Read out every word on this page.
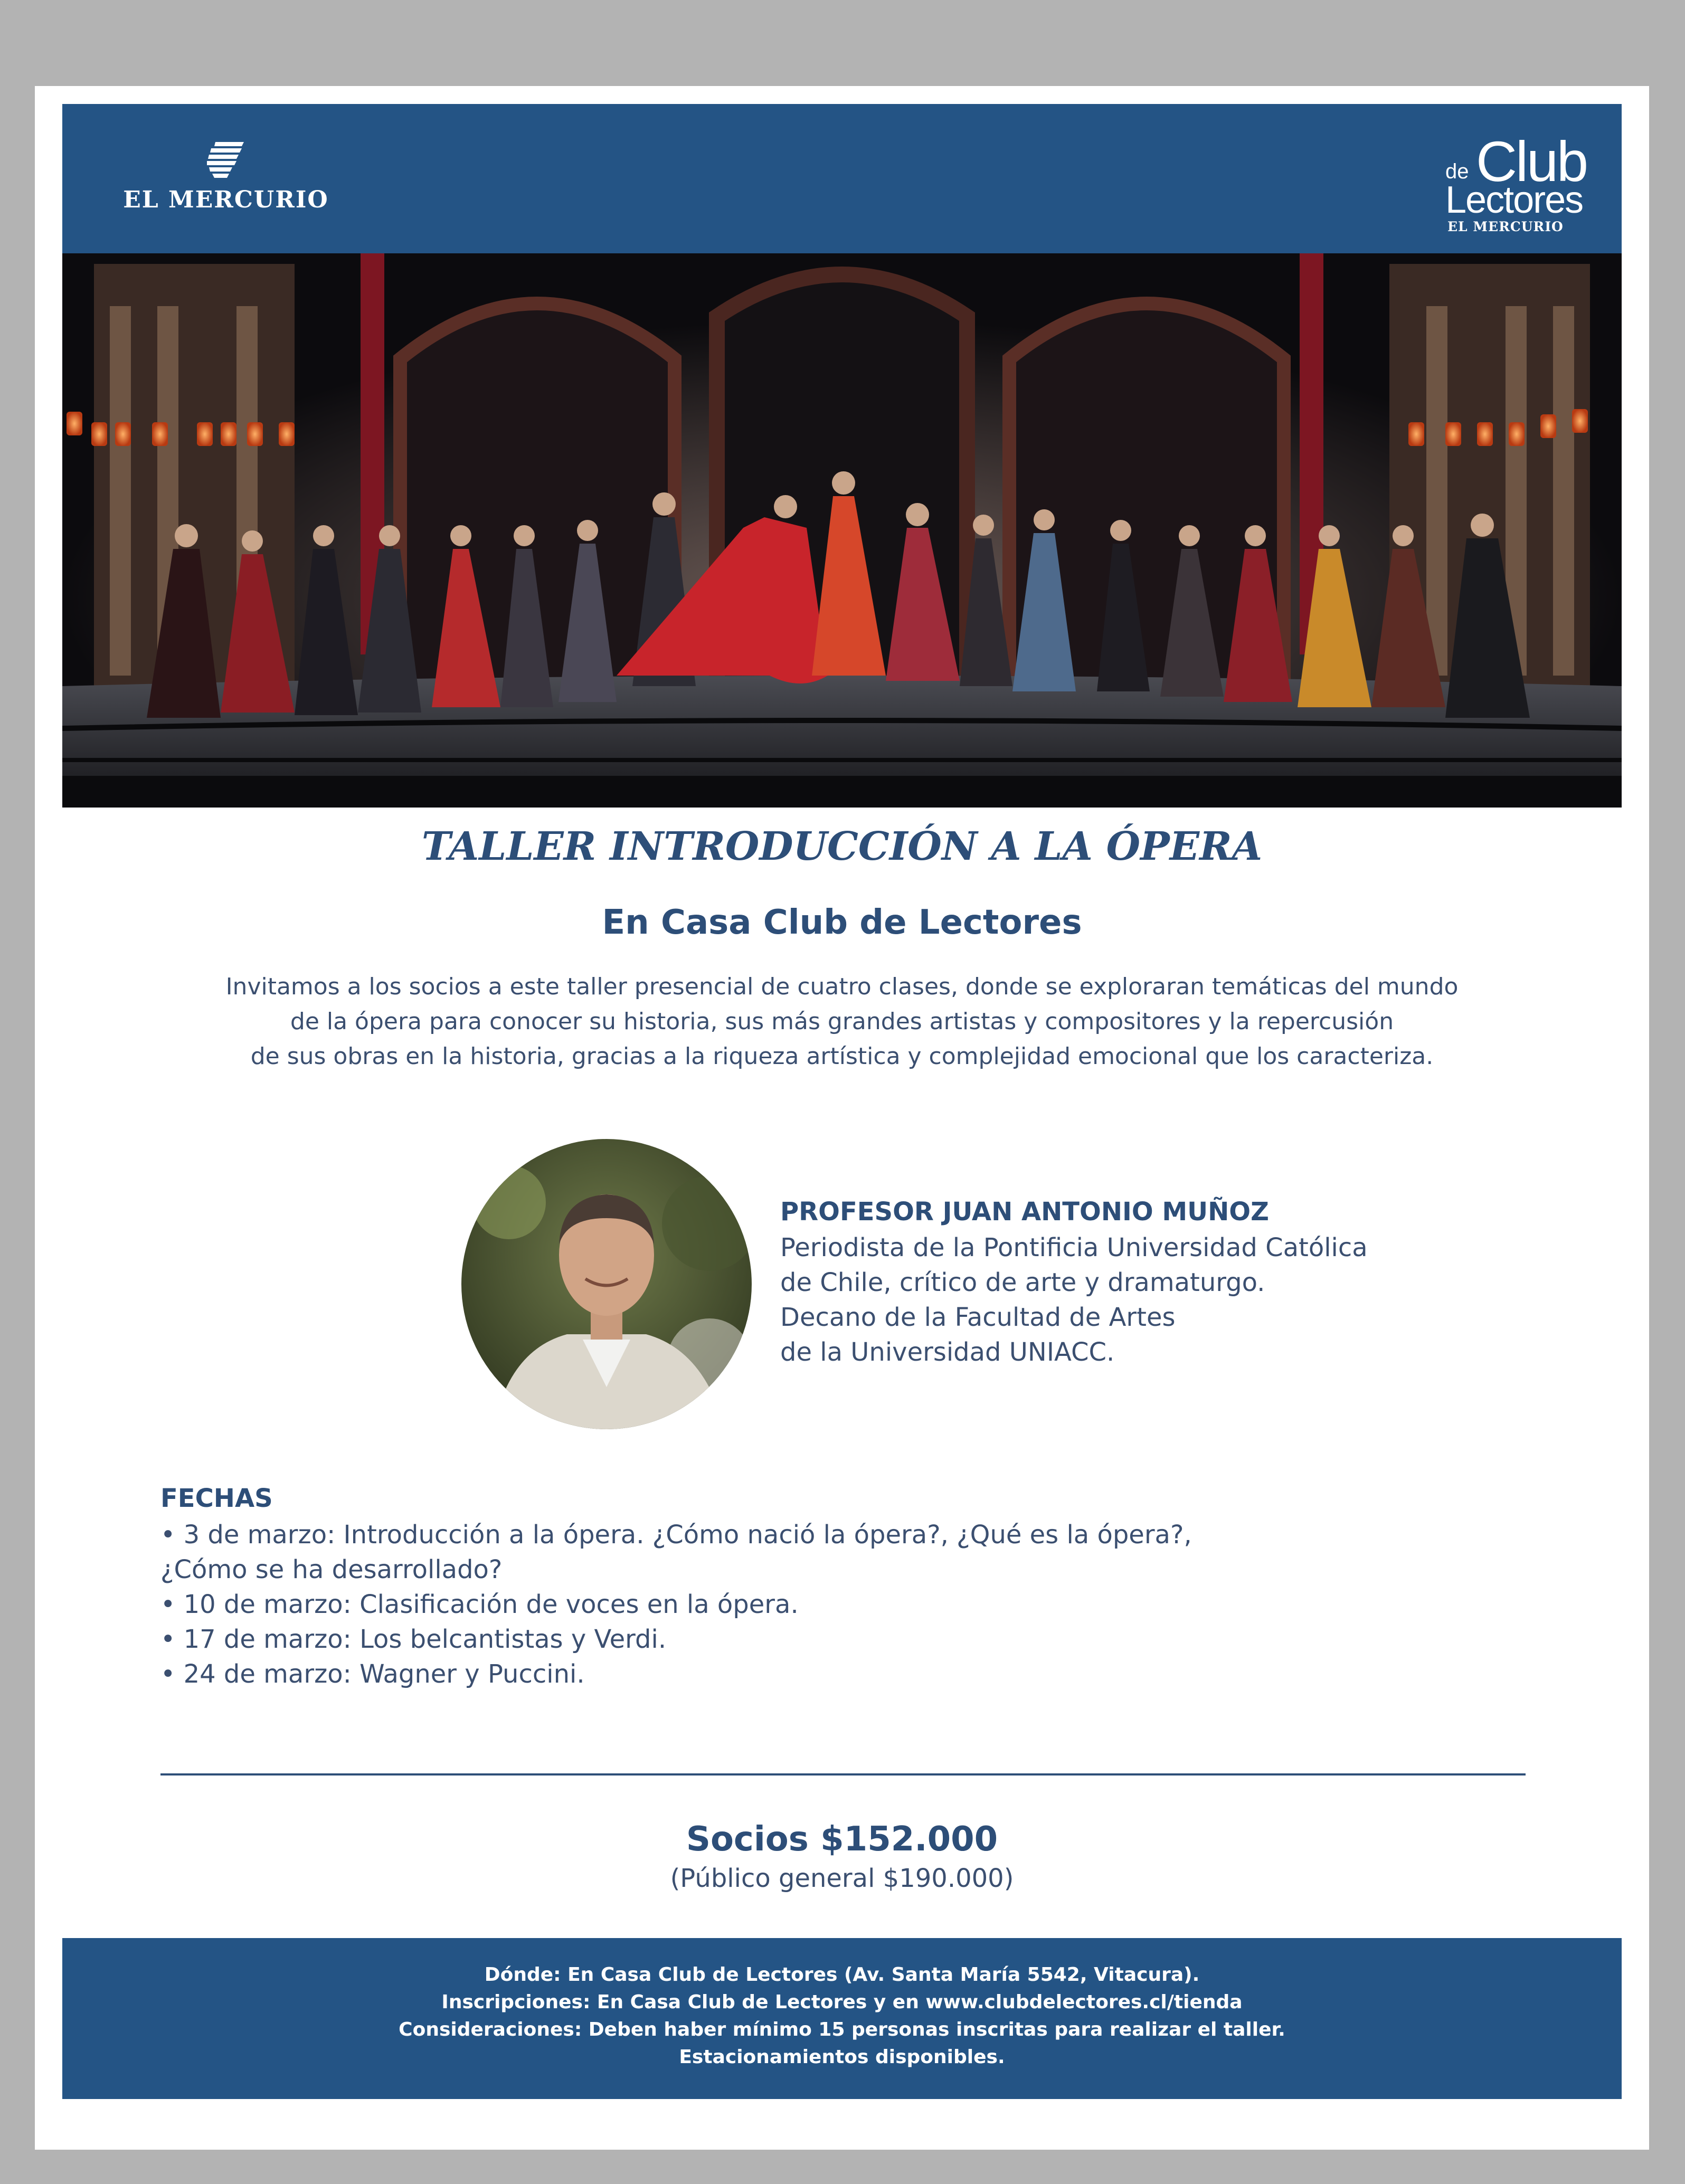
EL MERCURIO
Club
de
Lectores
EL MERCURIO
TALLER INTRODUCCIÓN A LA ÓPERA
En Casa Club de Lectores
Invitamos a los socios a este taller presencial de cuatro clases, donde se exploraran temáticas del mundo
de la ópera para conocer su historia, sus más grandes artistas y compositores y la repercusión
de sus obras en la historia, gracias a la riqueza artística y complejidad emocional que los caracteriza.
PROFESOR JUAN ANTONIO MUÑOZ
Periodista de la Pontificia Universidad Católica
de Chile, crítico de arte y dramaturgo.
Decano de la Facultad de Artes
de la Universidad UNIACC.
FECHAS
• 3 de marzo: Introducción a la ópera. ¿Cómo nació la ópera?, ¿Qué es la ópera?,
¿Cómo se ha desarrollado?
• 10 de marzo: Clasificación de voces en la ópera.
• 17 de marzo: Los belcantistas y Verdi.
• 24 de marzo: Wagner y Puccini.
Socios $152.000
(Público general $190.000)
Dónde: En Casa Club de Lectores (Av. Santa María 5542, Vitacura).
Inscripciones: En Casa Club de Lectores y en www.clubdelectores.cl/tienda
Consideraciones: Deben haber mínimo 15 personas inscritas para realizar el taller.
Estacionamientos disponibles.
